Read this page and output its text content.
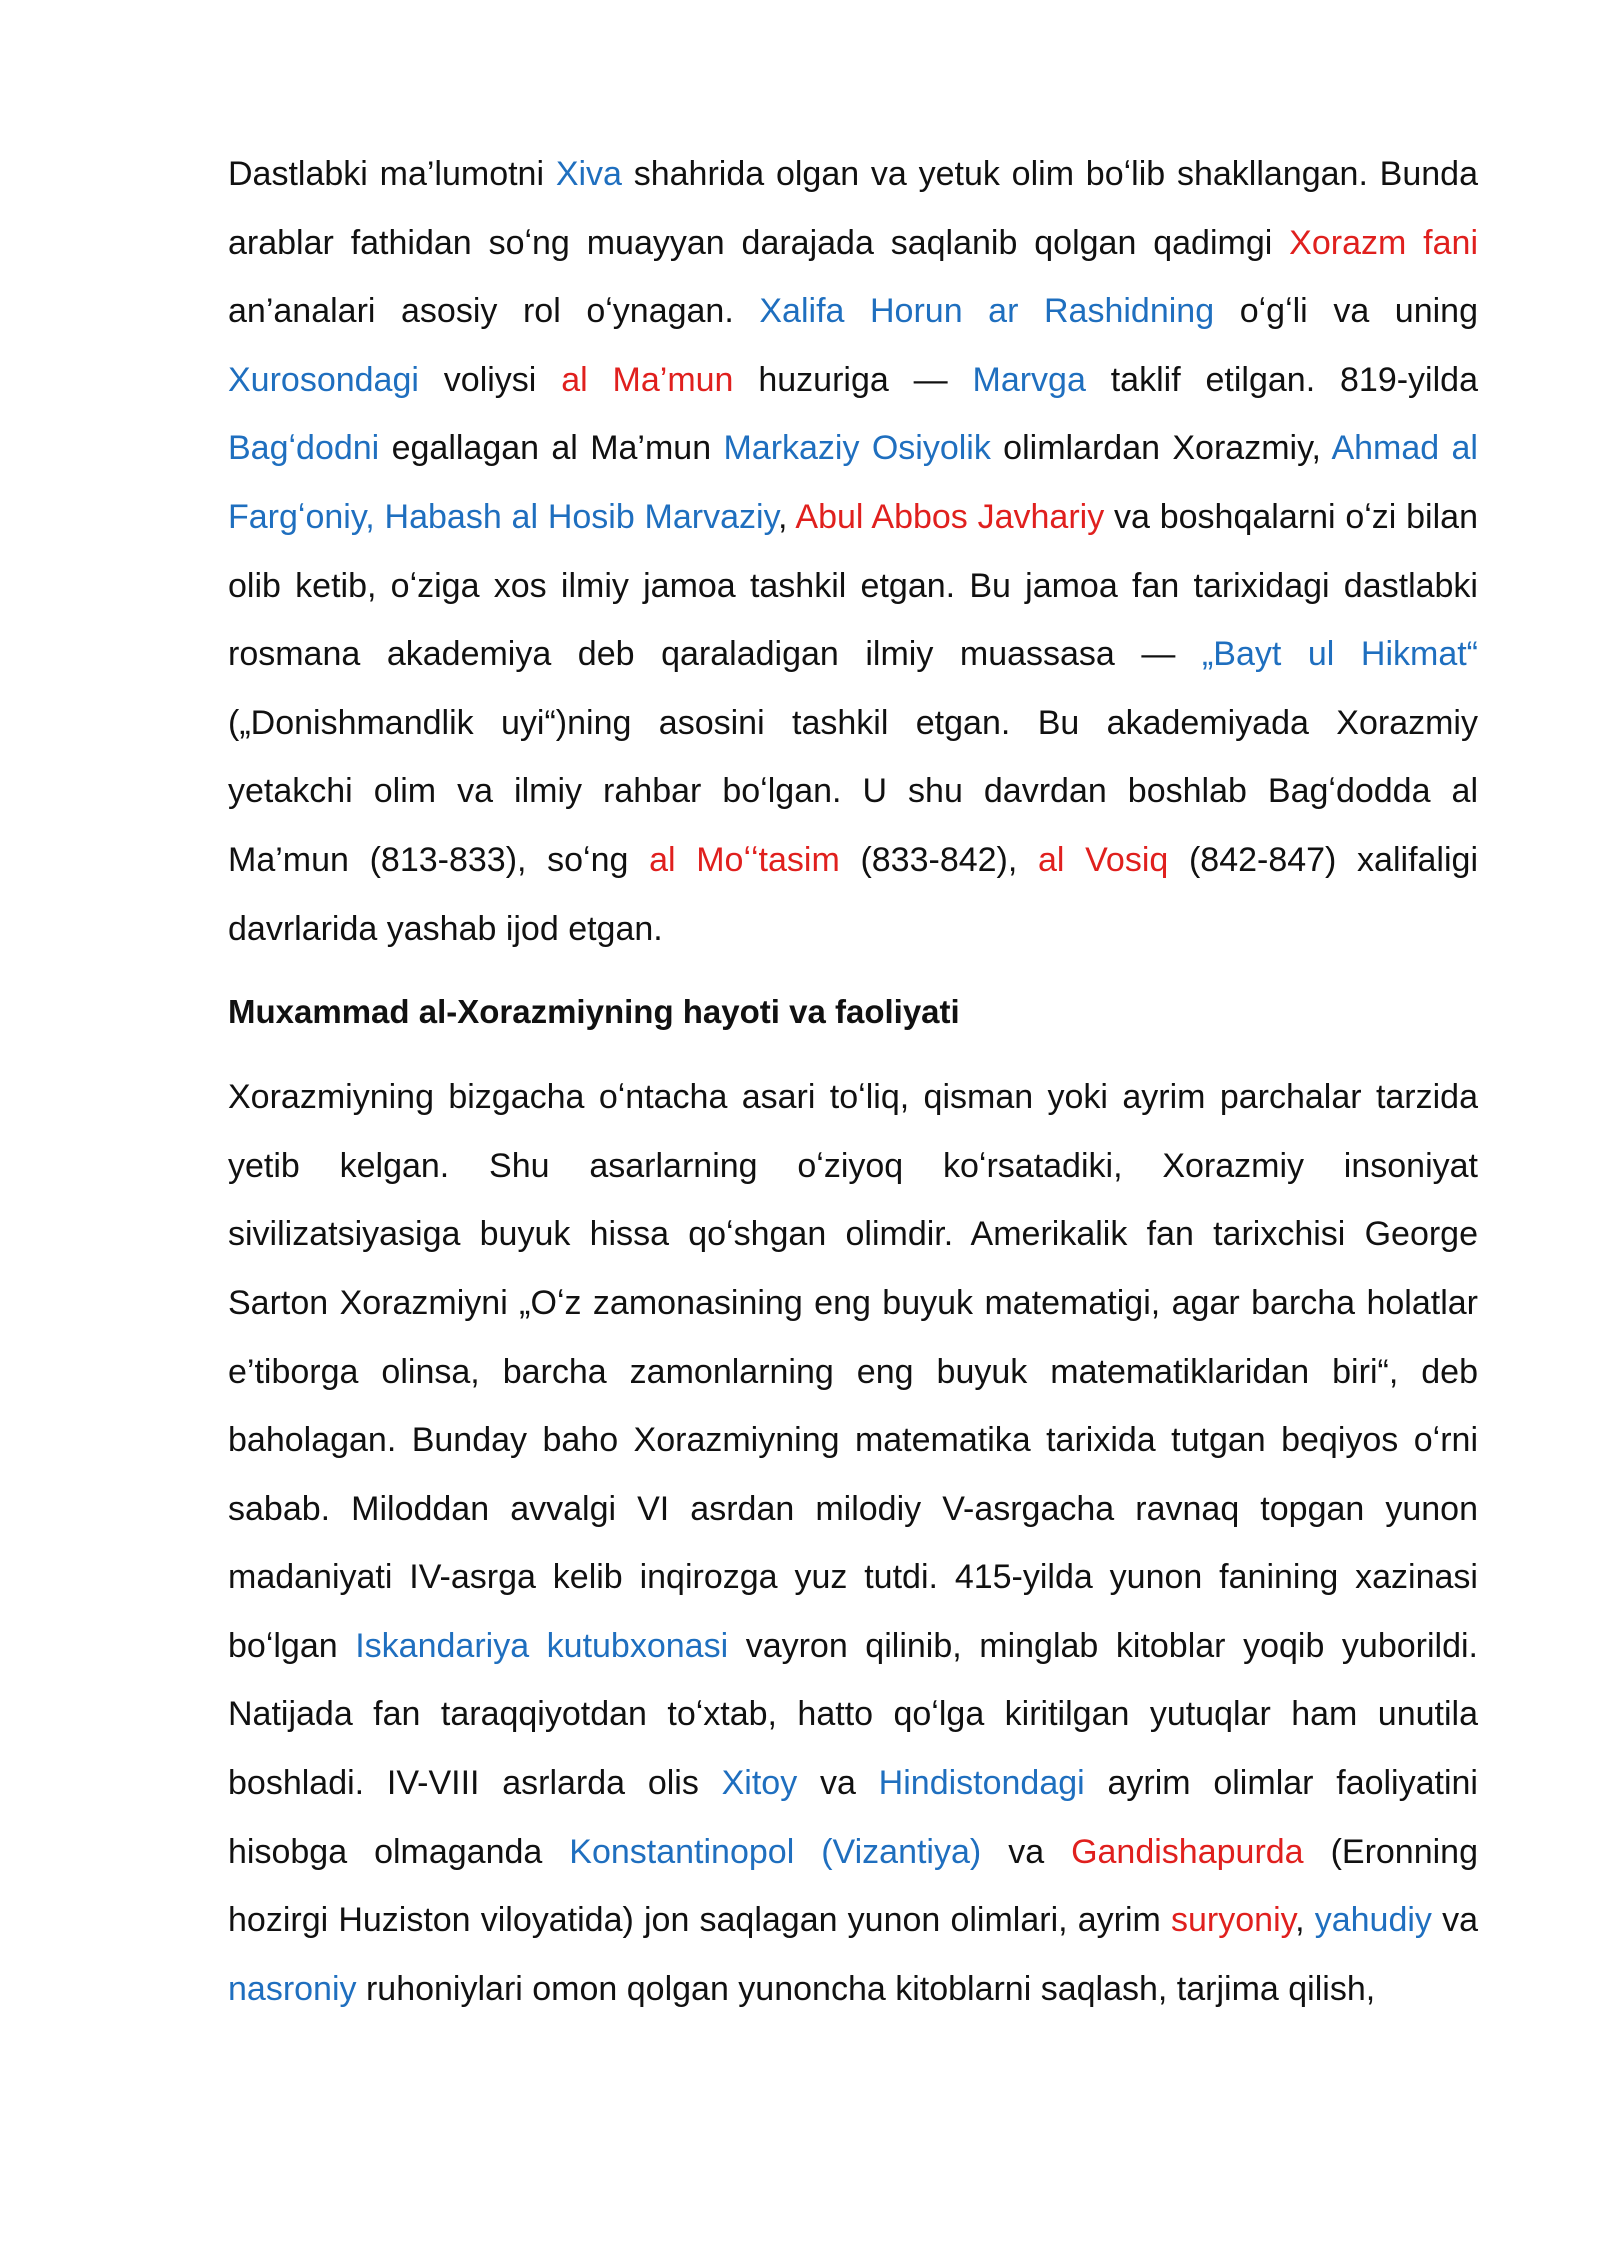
Dastlabki ma’lumotni Xiva shahrida olgan va yetuk olim boʻlib shakllangan. Bunda arablar fathidan soʻng muayyan darajada saqlanib qolgan qadimgi Xorazm fani an’analari asosiy rol oʻynagan. Xalifa Horun ar Rashidning oʻgʻli va uning Xurosondagi voliysi al Ma’mun huzuriga — Marvga taklif etilgan. 819-yilda Bagʻdodni egallagan al Ma’mun Markaziy Osiyolik olimlardan Xorazmiy, Ahmad al Fargʻoniy, Habash al Hosib Marvaziy, Abul Abbos Javhariy va boshqalarni oʻzi bilan olib ketib, oʻziga xos ilmiy jamoa tashkil etgan. Bu jamoa fan tarixidagi dastlabki rosmana akademiya deb qaraladigan ilmiy muassasa — „Bayt ul Hikmat“ („Donishmandlik uyi“)ning asosini tashkil etgan. Bu akademiyada Xorazmiy yetakchi olim va ilmiy rahbar boʻlgan. U shu davrdan boshlab Bagʻdodda al Ma’mun (813-833), soʻng al Moʻʻtasim (833-842), al Vosiq (842-847) xalifaligi davrlarida yashab ijod etgan.

Muxammad al-Xorazmiyning hayoti va faoliyati

Xorazmiyning bizgacha oʻntacha asari toʻliq, qisman yoki ayrim parchalar tarzida yetib kelgan. Shu asarlarning oʻziyoq koʻrsatadiki, Xorazmiy insoniyat sivilizatsiyasiga buyuk hissa qoʻshgan olimdir. Amerikalik fan tarixchisi George Sarton Xorazmiyni „Oʻz zamonasining eng buyuk matematigi, agar barcha holatlar e’tiborga olinsa, barcha zamonlarning eng buyuk matematiklaridan biri“, deb baholagan. Bunday baho Xorazmiyning matematika tarixida tutgan beqiyos oʻrni sabab. Miloddan avvalgi VI asrdan milodiy V-asrgacha ravnaq topgan yunon madaniyati IV-asrga kelib inqirozga yuz tutdi. 415-yilda yunon fanining xazinasi boʻlgan Iskandariya kutubxonasi vayron qilinib, minglab kitoblar yoqib yuborildi. Natijada fan taraqqiyotdan toʻxtab, hatto qoʻlga kiritilgan yutuqlar ham unutila boshladi. IV-VIII asrlarda olis Xitoy va Hindistondagi ayrim olimlar faoliyatini hisobga olmaganda Konstantinopol (Vizantiya) va Gandishapurda (Eronning hozirgi Huziston viloyatida) jon saqlagan yunon olimlari, ayrim suryoniy, yahudiy va nasroniy ruhoniylari omon qolgan yunoncha kitoblarni saqlash, tarjima qilish,
